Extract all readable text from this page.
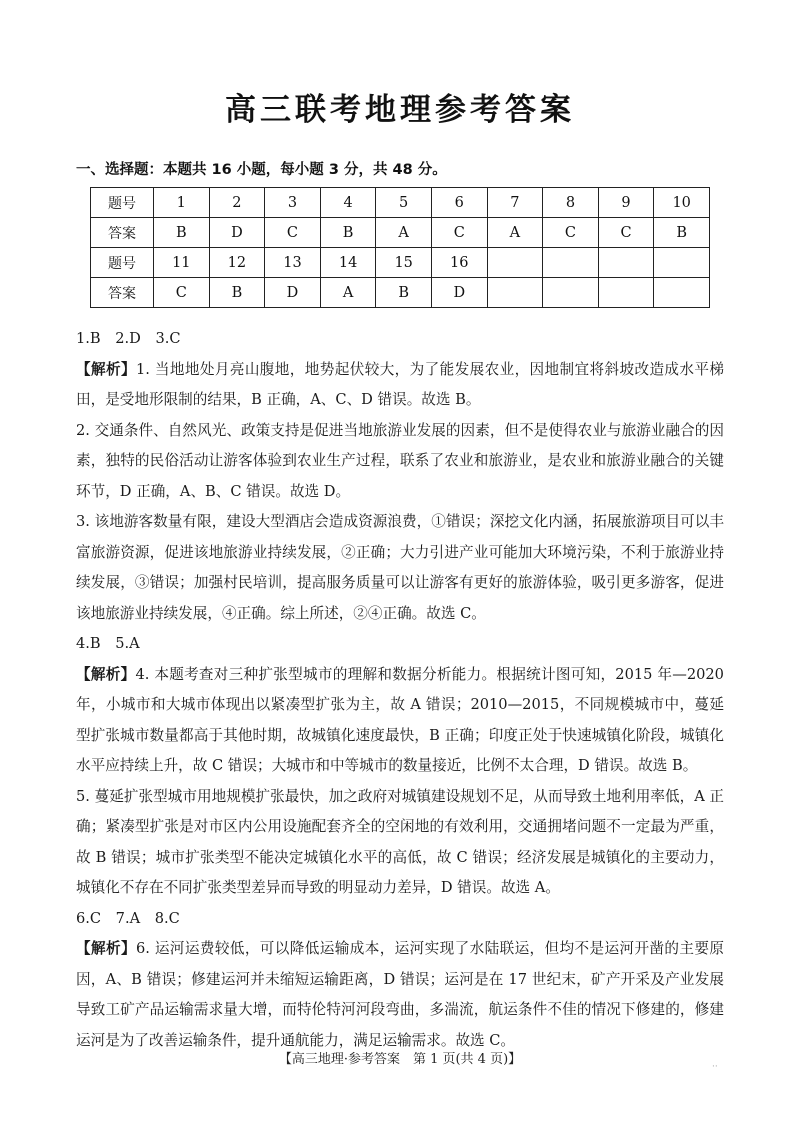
高三联考地理参考答案
一、选择题：本题共 16 小题，每小题 3 分，共 48 分。
题号	1	2	3	4	5	6	7	8	9	10
答案	B	D	C	B	A	C	A	C	C	B
题号	11	12	13	14	15	16				
答案	C	B	D	A	B	D				

1.B　2.D　3.C

【解析】1. 当地地处月亮山腹地，地势起伏较大，为了能发展农业，因地制宜将斜坡改造成水平梯田，是受地形限制的结果，B 正确，A、C、D 错误。故选 B。

2. 交通条件、自然风光、政策支持是促进当地旅游业发展的因素，但不是使得农业与旅游业融合的因素，独特的民俗活动让游客体验到农业生产过程，联系了农业和旅游业，是农业和旅游业融合的关键环节，D 正确，A、B、C 错误。故选 D。

3. 该地游客数量有限，建设大型酒店会造成资源浪费，①错误；深挖文化内涵，拓展旅游项目可以丰富旅游资源，促进该地旅游业持续发展，②正确；大力引进产业可能加大环境污染，不利于旅游业持续发展，③错误；加强村民培训，提高服务质量可以让游客有更好的旅游体验，吸引更多游客，促进该地旅游业持续发展，④正确。综上所述，②④正确。故选 C。

4.B　5.A

【解析】4. 本题考查对三种扩张型城市的理解和数据分析能力。根据统计图可知，2015 年—2020 年，小城市和大城市体现出以紧凑型扩张为主，故 A 错误；2010—2015，不同规模城市中，蔓延型扩张城市数量都高于其他时期，故城镇化速度最快，B 正确；印度正处于快速城镇化阶段，城镇化水平应持续上升，故 C 错误；大城市和中等城市的数量接近，比例不太合理，D 错误。故选 B。

5. 蔓延扩张型城市用地规模扩张最快，加之政府对城镇建设规划不足，从而导致土地利用率低，A 正确；紧凑型扩张是对市区内公用设施配套齐全的空闲地的有效利用，交通拥堵问题不一定最为严重，故 B 错误；城市扩张类型不能决定城镇化水平的高低，故 C 错误；经济发展是城镇化的主要动力，城镇化不存在不同扩张类型差异而导致的明显动力差异，D 错误。故选 A。

6.C　7.A　8.C

【解析】6. 运河运费较低，可以降低运输成本，运河实现了水陆联运，但均不是运河开凿的主要原因，A、B 错误；修建运河并未缩短运输距离，D 错误；运河是在 17 世纪末，矿产开采及产业发展导致工矿产品运输需求量大增，而特伦特河河段弯曲，多湍流，航运条件不佳的情况下修建的，修建运河是为了改善运输条件，提升通航能力，满足运输需求。故选 C。

【高三地理·参考答案　第 1 页(共 4 页)】	··
